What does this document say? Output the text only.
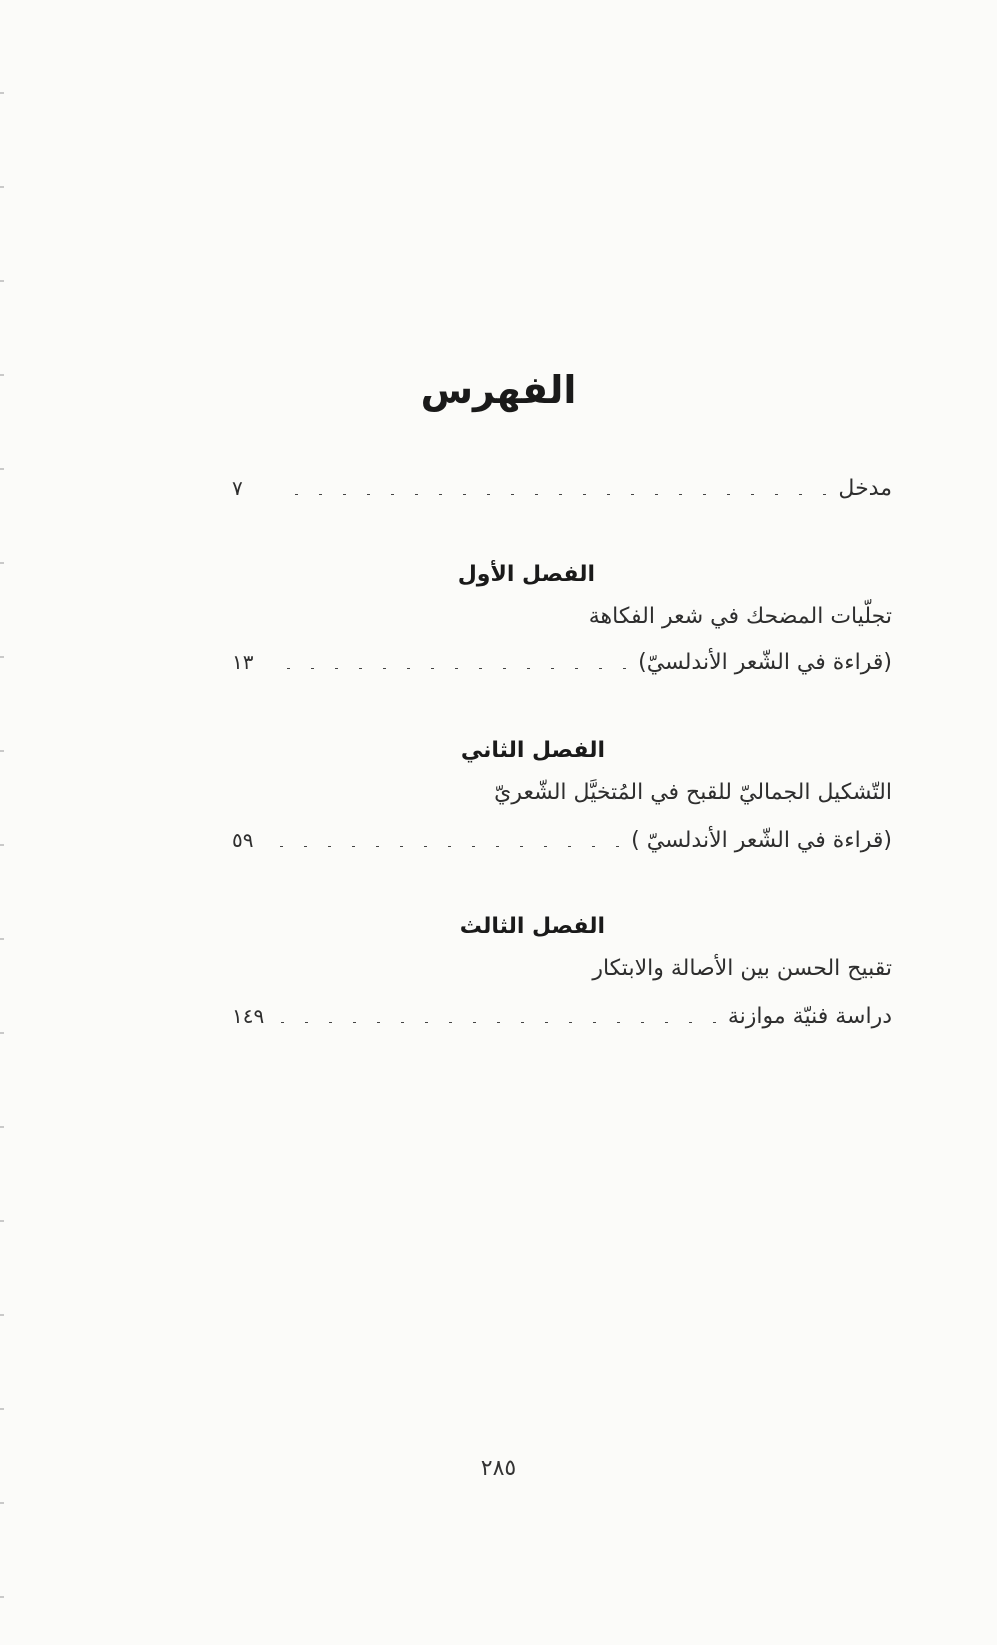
الفهرس
مدخل
٧
الفصل الأول
تجلّيات المضحك في شعر الفكاهة
(قراءة في الشّعر الأندلسيّ)
١٣
الفصل الثاني
التّشكيل الجماليّ للقبح في المُتخيَّل الشّعريّ
(قراءة في الشّعر الأندلسيّ )
٥٩
الفصل الثالث
تقبيح الحسن بين الأصالة والابتكار
دراسة فنيّة موازنة
١٤٩
٢٨٥
